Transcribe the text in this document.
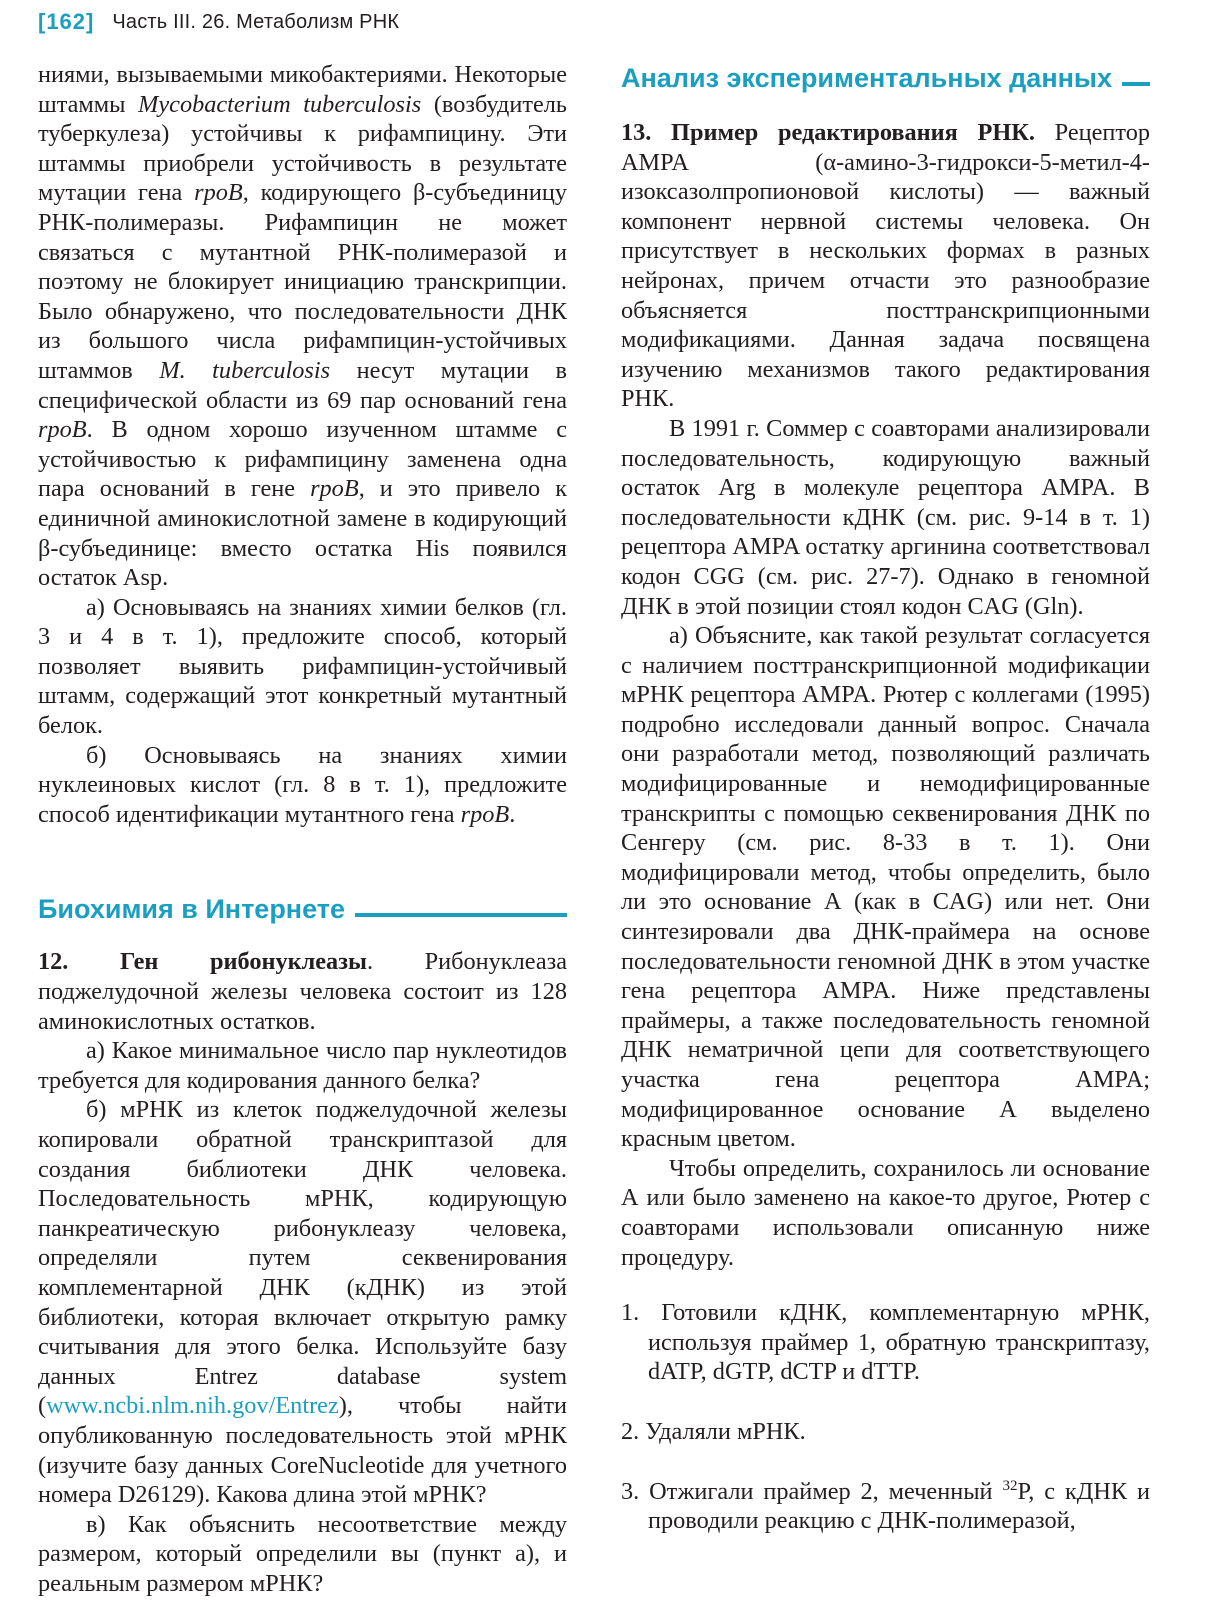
[162] Часть III. 26. Метаболизм РНК

ниями, вызываемыми микобактериями. Некоторые штаммы Mycobacterium tuberculosis (возбудитель туберкулеза) устойчивы к рифампицину. Эти штаммы приобрели устойчивость в результате мутации гена rpoB, кодирующего β-субъединицу РНК-полимеразы. Рифампицин не может связаться с мутантной РНК-полимеразой и поэтому не блокирует инициацию транскрипции. Было обнаружено, что последовательности ДНК из большого числа рифампицин-устойчивых штаммов M. tuberculosis несут мутации в специфической области из 69 пар оснований гена rpoB. В одном хорошо изученном штамме с устойчивостью к рифампицину заменена одна пара оснований в гене rpoB, и это привело к единичной аминокислотной замене в кодирующий β-субъединице: вместо остатка His появился остаток Asp.

а) Основываясь на знаниях химии белков (гл. 3 и 4 в т. 1), предложите способ, который позволяет выявить рифампицин-устойчивый штамм, содержащий этот конкретный мутантный белок.

б) Основываясь на знаниях химии нуклеиновых кислот (гл. 8 в т. 1), предложите способ идентификации мутантного гена rpoB.

Биохимия в Интернете

12. Ген рибонуклеазы. Рибонуклеаза поджелудочной железы человека состоит из 128 аминокислотных остатков.

а) Какое минимальное число пар нуклеотидов требуется для кодирования данного белка?

б) мРНК из клеток поджелудочной железы копировали обратной транскриптазой для создания библиотеки ДНК человека. Последовательность мРНК, кодирующую панкреатическую рибонуклеазу человека, определяли путем секвенирования комплементарной ДНК (кДНК) из этой библиотеки, которая включает открытую рамку считывания для этого белка. Используйте базу данных Entrez database system (www.ncbi.nlm.nih.gov/Entrez), чтобы найти опубликованную последовательность этой мРНК (изучите базу данных CoreNucleotide для учетного номера D26129). Какова длина этой мРНК?

в) Как объяснить несоответствие между размером, который определили вы (пункт а), и реальным размером мРНК?

Анализ экспериментальных данных

13. Пример редактирования РНК. Рецептор AMPA (α-амино-3-гидрокси-5-метил-4-изоксазолпропионовой кислоты) — важный компонент нервной системы человека. Он присутствует в нескольких формах в разных нейронах, причем отчасти это разнообразие объясняется посттранскрипционными модификациями. Данная задача посвящена изучению механизмов такого редактирования РНК.

В 1991 г. Соммер с соавторами анализировали последовательность, кодирующую важный остаток Arg в молекуле рецептора AMPA. В последовательности кДНК (см. рис. 9-14 в т. 1) рецептора AMPA остатку аргинина соответствовал кодон CGG (см. рис. 27-7). Однако в геномной ДНК в этой позиции стоял кодон CAG (Gln).

а) Объясните, как такой результат согласуется с наличием посттранскрипционной модификации мРНК рецептора AMPA. Рютер с коллегами (1995) подробно исследовали данный вопрос. Сначала они разработали метод, позволяющий различать модифицированные и немодифицированные транскрипты с помощью секвенирования ДНК по Сенгеру (см. рис. 8-33 в т. 1). Они модифицировали метод, чтобы определить, было ли это основание А (как в CAG) или нет. Они синтезировали два ДНК-праймера на основе последовательности геномной ДНК в этом участке гена рецептора AMPA. Ниже представлены праймеры, а также последовательность геномной ДНК нематричной цепи для соответствующего участка гена рецептора AMPA; модифицированное основание А выделено красным цветом.

Чтобы определить, сохранилось ли основание А или было заменено на какое-то другое, Рютер с соавторами использовали описанную ниже процедуру.

1. Готовили кДНК, комплементарную мРНК, используя праймер 1, обратную транскриптазу, dATP, dGTP, dCTP и dTTP.
2. Удаляли мРНК.
3. Отжигали праймер 2, меченный $^{32}$P, с кДНК и проводили реакцию с ДНК-полимеразой,
